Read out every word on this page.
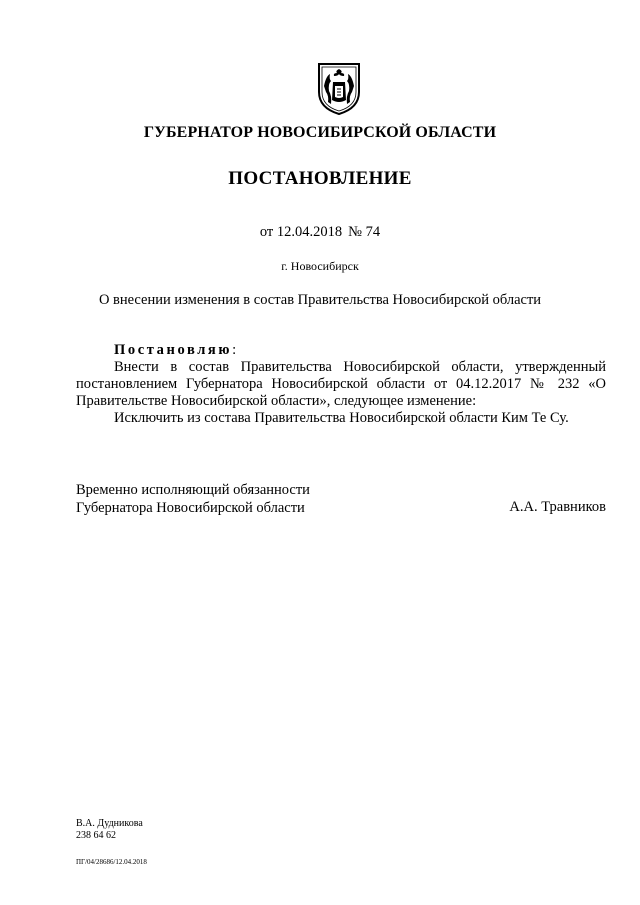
ГУБЕРНАТОР НОВОСИБИРСКОЙ ОБЛАСТИ
ПОСТАНОВЛЕНИЕ
от 12.04.2018 № 74
г. Новосибирск
О внесении изменения в состав Правительства Новосибирской области
Постановляю:
Внести в состав Правительства Новосибирской области, утвержденный постановлением Губернатора Новосибирской области от 04.12.2017 № 232 «О Правительстве Новосибирской области», следующее изменение:
Исключить из состава Правительства Новосибирской области Ким Те Су.
Временно исполняющий обязанности
Губернатора Новосибирской области	А.А. Травников
В.А. Дудникова
238 64 62
ПГ/04/28686/12.04.2018
